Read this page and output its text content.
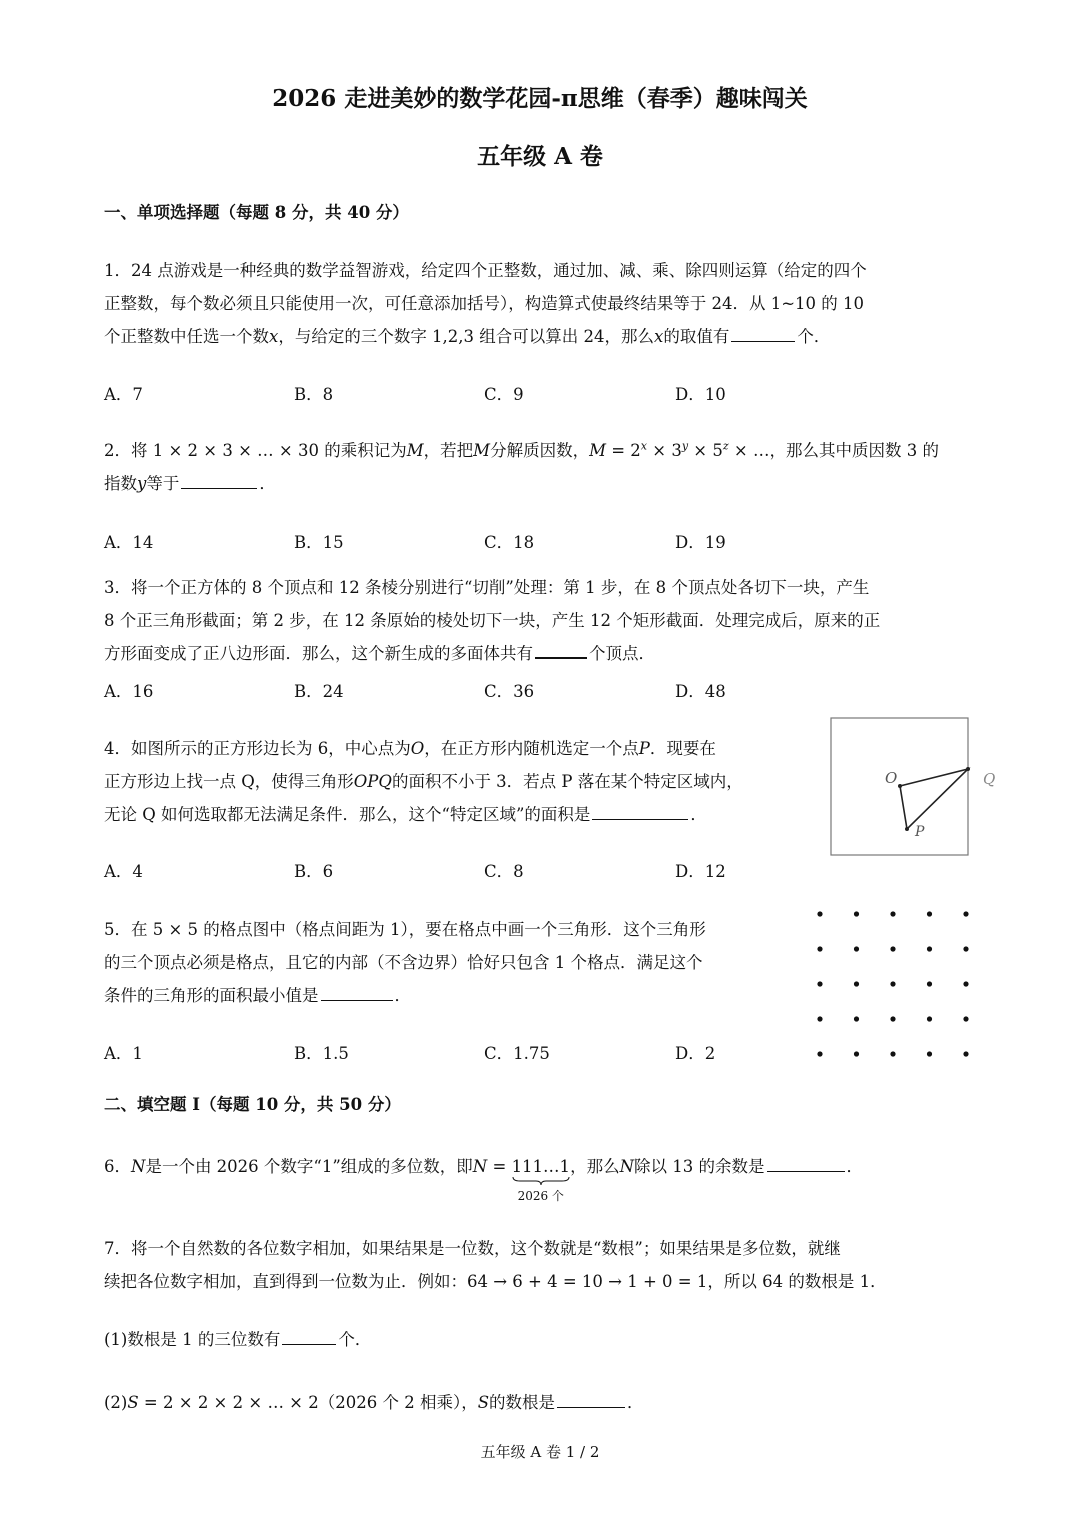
2026 走进美妙的数学花园-π思维（春季）趣味闯关
五年级 A 卷
一、单项选择题（每题 8 分，共 40 分）
1．24 点游戏是一种经典的数学益智游戏，给定四个正整数，通过加、减、乘、除四则运算（给定的四个
正整数，每个数必须且只能使用一次，可任意添加括号），构造算式使最终结果等于 24．从 1~10 的 10
个正整数中任选一个数x，与给定的三个数字 1,2,3 组合可以算出 24，那么x的取值有	个．
A．7	B．8	C．9	D．10
2．将 1 × 2 × 3 × … × 30 的乘积记为M，若把M分解质因数，$M = 2^x \times 3^y \times 5^z$ × …，那么其中质因数 3 的
指数y等于	．
A．14	B．15	C．18	D．19
3．将一个正方体的 8 个顶点和 12 条棱分别进行“切削”处理：第 1 步，在 8 个顶点处各切下一块，产生
8 个正三角形截面；第 2 步，在 12 条原始的棱处切下一块，产生 12 个矩形截面．处理完成后，原来的正
方形面变成了正八边形面．那么，这个新生成的多面体共有	个顶点．
A．16	B．24	C．36	D．48
4．如图所示的正方形边长为 6，中心点为O，在正方形内随机选定一个点P．现要在
正方形边上找一点 Q，使得三角形OPQ的面积不小于 3．若点 P 落在某个特定区域内，
无论 Q 如何选取都无法满足条件．那么，这个“特定区域”的面积是	．
A．4	B．6	C．8	D．12
O	Q
P
5．在 5 × 5 的格点图中（格点间距为 1），要在格点中画一个三角形．这个三角形
的三个顶点必须是格点，且它的内部（不含边界）恰好只包含 1 个格点．满足这个
条件的三角形的面积最小值是	．
A．1	B．1.5	C．1.75	D．2
二、填空题 I（每题 10 分，共 50 分）
6．N是一个由 2026 个数字“1”组成的多位数，即N = 111…1
2026 个
，那么N除以 13 的余数是	．
7．将一个自然数的各位数字相加，如果结果是一位数，这个数就是“数根”；如果结果是多位数，就继
续把各位数字相加，直到得到一位数为止．例如：64 → 6 + 4 = 10 → 1 + 0 = 1，所以 64 的数根是 1．
(1)数根是 1 的三位数有	个．
(2)S = 2 × 2 × 2 × … × 2（2026 个 2 相乘），S的数根是	．
五年级 A 卷 1 / 2
